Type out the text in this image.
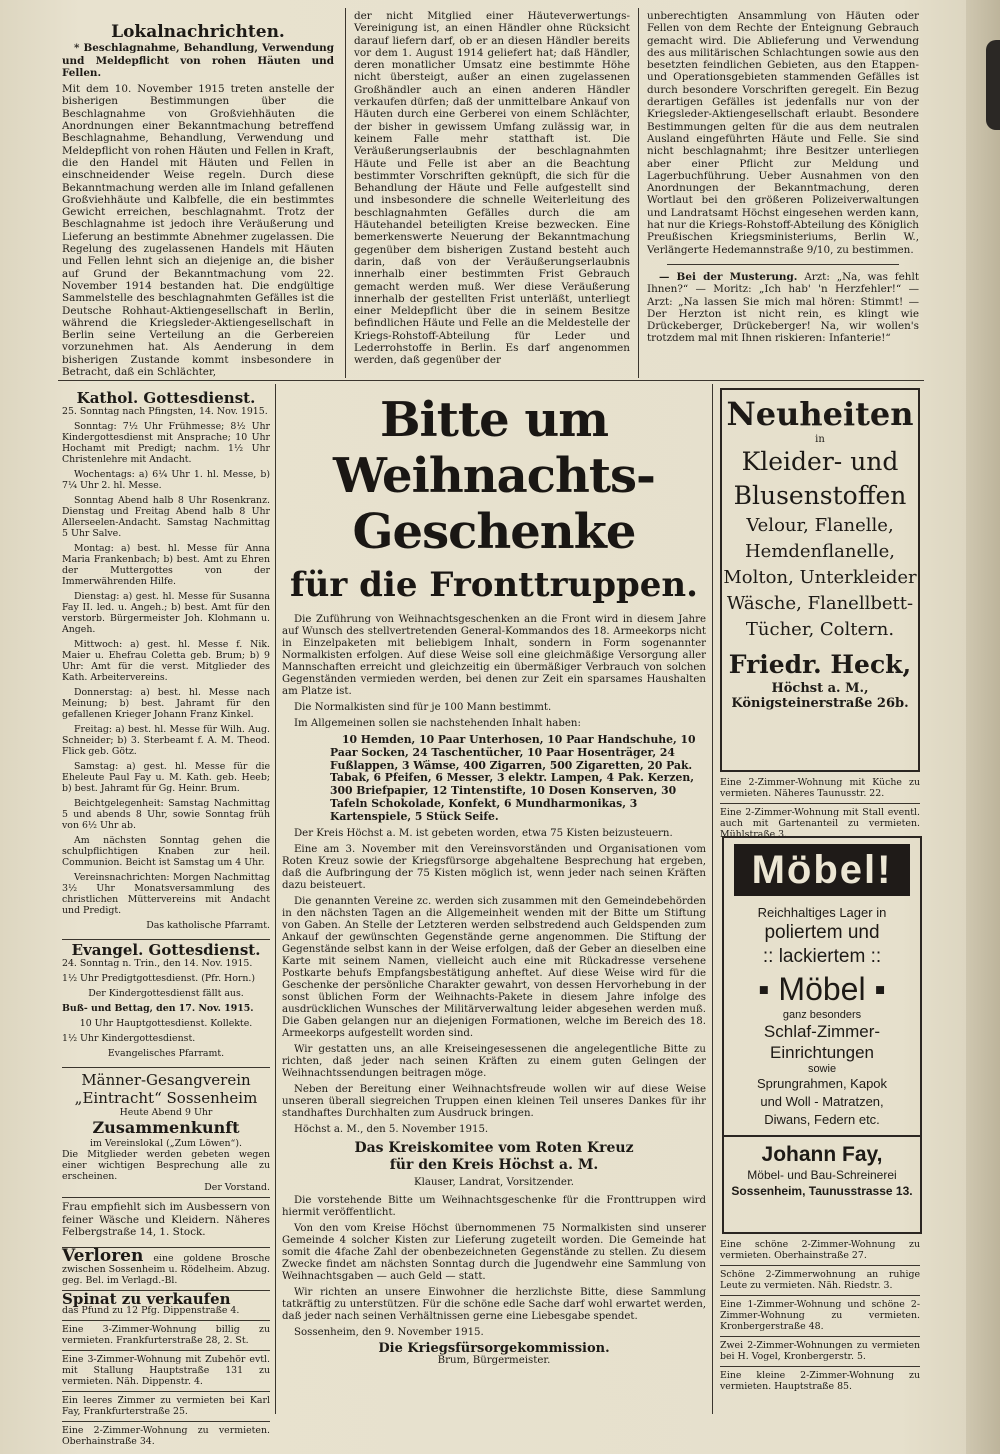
Lokalnachrichten.

* Beschlagnahme, Behandlung, Verwendung und Meldepflicht von rohen Häuten und Fellen.

Mit dem 10. November 1915 treten anstelle der bisherigen Bestimmungen über die Beschlagnahme von Großviehhäuten die Anordnungen einer Bekanntmachung betreffend Beschlagnahme, Behandlung, Verwendung und Meldepflicht von rohen Häuten und Fellen in Kraft, die den Handel mit Häuten und Fellen in einschneidender Weise regeln. Durch diese Bekanntmachung werden alle im Inland gefallenen Großviehhäute und Kalbfelle, die ein bestimmtes Gewicht erreichen, beschlagnahmt. Trotz der Beschlagnahme ist jedoch ihre Veräußerung und Lieferung an bestimmte Abnehmer zugelassen. Die Regelung des zugelassenen Handels mit Häuten und Fellen lehnt sich an diejenige an, die bisher auf Grund der Bekanntmachung vom 22. November 1914 bestanden hat. Die endgültige Sammelstelle des beschlagnahmten Gefälles ist die Deutsche Rohhaut-Aktiengesellschaft in Berlin, während die Kriegsleder-Aktiengesellschaft in Berlin seine Verteilung an die Gerbereien vorzunehmen hat. Als Aenderung in dem bisherigen Zustande kommt insbesondere in Betracht, daß ein Schlächter,

der nicht Mitglied einer Häuteverwertungs-Vereinigung ist, an einen Händler ohne Rücksicht darauf liefern darf, ob er an diesen Händler bereits vor dem 1. August 1914 geliefert hat; daß Händler, deren monatlicher Umsatz eine bestimmte Höhe nicht übersteigt, außer an einen zugelassenen Großhändler auch an einen anderen Händler verkaufen dürfen; daß der unmittelbare Ankauf von Häuten durch eine Gerberei von einem Schlächter, der bisher in gewissem Umfang zulässig war, in keinem Falle mehr statthaft ist. Die Veräußerungserlaubnis der beschlagnahmten Häute und Felle ist aber an die Beachtung bestimmter Vorschriften geknüpft, die sich für die Behandlung der Häute und Felle aufgestellt sind und insbesondere die schnelle Weiterleitung des beschlagnahmten Gefälles durch die am Häutehandel beteiligten Kreise bezwecken. Eine bemerkenswerte Neuerung der Bekanntmachung gegenüber dem bisherigen Zustand besteht auch darin, daß von der Veräußerungserlaubnis innerhalb einer bestimmten Frist Gebrauch gemacht werden muß. Wer diese Veräußerung innerhalb der gestellten Frist unterläßt, unterliegt einer Meldepflicht über die in seinem Besitze befindlichen Häute und Felle an die Meldestelle der Kriegs-Rohstoff-Abteilung für Leder und Lederrohstoffe in Berlin. Es darf angenommen werden, daß gegenüber der

unberechtigten Ansammlung von Häuten oder Fellen von dem Rechte der Enteignung Gebrauch gemacht wird. Die Ablieferung und Verwendung des aus militärischen Schlachtungen sowie aus den besetzten feindlichen Gebieten, aus den Etappen- und Operationsgebieten stammenden Gefälles ist durch besondere Vorschriften geregelt. Ein Bezug derartigen Gefälles ist jedenfalls nur von der Kriegsleder-Aktiengesellschaft erlaubt. Besondere Bestimmungen gelten für die aus dem neutralen Ausland eingeführten Häute und Felle. Sie sind nicht beschlagnahmt; ihre Besitzer unterliegen aber einer Pflicht zur Meldung und Lagerbuchführung. Ueber Ausnahmen von den Anordnungen der Bekanntmachung, deren Wortlaut bei den größeren Polizeiverwaltungen und Landratsamt Höchst eingesehen werden kann, hat nur die Kriegs-Rohstoff-Abteilung des Königlich Preußischen Kriegsministeriums, Berlin W., Verlängerte Hedemannstraße 9/10, zu bestimmen.

— Bei der Musterung. Arzt: „Na, was fehlt Ihnen?“ — Moritz: „Ich hab' 'n Herzfehler!“ — Arzt: „Na lassen Sie mich mal hören: Stimmt! — Der Herzton ist nicht rein, es klingt wie Drückeberger, Drückeberger! Na, wir wollen's trotzdem mal mit Ihnen riskieren: Infanterie!“

Kathol. Gottesdienst.

25. Sonntag nach Pfingsten, 14. Nov. 1915.

Sonntag: 7½ Uhr Frühmesse; 8½ Uhr Kindergottesdienst mit Ansprache; 10 Uhr Hochamt mit Predigt; nachm. 1½ Uhr Christenlehre mit Andacht.

Wochentags: a) 6¼ Uhr 1. hl. Messe, b) 7¼ Uhr 2. hl. Messe.

Sonntag Abend halb 8 Uhr Rosenkranz. Dienstag und Freitag Abend halb 8 Uhr Allerseelen-Andacht. Samstag Nachmittag 5 Uhr Salve.

Montag: a) best. hl. Messe für Anna Maria Frankenbach; b) best. Amt zu Ehren der Muttergottes von der Immerwährenden Hilfe.

Dienstag: a) gest. hl. Messe für Susanna Fay II. led. u. Angeh.; b) best. Amt für den verstorb. Bürgermeister Joh. Klohmann u. Angeh.

Mittwoch: a) gest. hl. Messe f. Nik. Maier u. Ehefrau Coletta geb. Brum; b) 9 Uhr: Amt für die verst. Mitglieder des Kath. Arbeitervereins.

Donnerstag: a) best. hl. Messe nach Meinung; b) best. Jahramt für den gefallenen Krieger Johann Franz Kinkel.

Freitag: a) best. hl. Messe für Wilh. Aug. Schneider; b) 3. Sterbeamt f. A. M. Theod. Flick geb. Götz.

Samstag: a) gest. hl. Messe für die Eheleute Paul Fay u. M. Kath. geb. Heeb; b) best. Jahramt für Gg. Heinr. Brum.

Beichtgelegenheit: Samstag Nachmittag 5 und abends 8 Uhr, sowie Sonntag früh von 6½ Uhr ab.

Am nächsten Sonntag gehen die schulpflichtigen Knaben zur heil. Communion. Beicht ist Samstag um 4 Uhr.

Vereinsnachrichten: Morgen Nachmittag 3½ Uhr Monatsversammlung des christlichen Müttervereins mit Andacht und Predigt.

Das katholische Pfarramt.

Evangel. Gottesdienst.

24. Sonntag n. Trin., den 14. Nov. 1915.

1½ Uhr Predigtgottesdienst. (Pfr. Horn.)

Der Kindergottesdienst fällt aus.

Buß- und Bettag, den 17. Nov. 1915.

10 Uhr Hauptgottesdienst. Kollekte.

1½ Uhr Kindergottesdienst.

Evangelisches Pfarramt.

Männer-Gesangverein
„Eintracht“ Sossenheim
Heute Abend 9 Uhr
Zusammenkunft
im Vereinslokal („Zum Löwen“).
Die Mitglieder werden gebeten wegen einer wichtigen Besprechung alle zu erscheinen.
Der Vorstand.

Frau empfiehlt sich im Ausbessern von feiner Wäsche und Kleidern. Näheres Felbergstraße 14, 1. Stock.

Verloren eine goldene Brosche zwischen Sossenheim u. Rödelheim. Abzug. geg. Bel. im Verlagd.-Bl.
Spinat zu verkaufen
das Pfund zu 12 Pfg. Dippenstraße 4.
Eine 3-Zimmer-Wohnung billig zu vermieten. Frankfurterstraße 28, 2. St.
Eine 3-Zimmer-Wohnung mit Zubehör evtl. mit Stallung Hauptstraße 131 zu vermieten. Näh. Dippenstr. 4.
Ein leeres Zimmer zu vermieten bei Karl Fay, Frankfurterstraße 25.
Eine 2-Zimmer-Wohnung zu vermieten. Oberhainstraße 34.
Bitte um Weihnachts-
Geschenke
für die Fronttruppen.

Die Zuführung von Weihnachtsgeschenken an die Front wird in diesem Jahre auf Wunsch des stellvertretenden General-Kommandos des 18. Armeekorps nicht in Einzelpaketen mit beliebigem Inhalt, sondern in Form sogenannter Normalkisten erfolgen. Auf diese Weise soll eine gleichmäßige Versorgung aller Mannschaften erreicht und gleichzeitig ein übermäßiger Verbrauch von solchen Gegenständen vermieden werden, bei denen zur Zeit ein sparsames Haushalten am Platze ist.

Die Normalkisten sind für je 100 Mann bestimmt.

Im Allgemeinen sollen sie nachstehenden Inhalt haben:

10 Hemden, 10 Paar Unterhosen, 10 Paar Handschuhe, 10 Paar Socken, 24 Taschentücher, 10 Paar Hosenträger, 24 Fußlappen, 3 Wämse, 400 Zigarren, 500 Zigaretten, 20 Pak. Tabak, 6 Pfeifen, 6 Messer, 3 elektr. Lampen, 4 Pak. Kerzen, 300 Briefpapier, 12 Tintenstifte, 10 Dosen Konserven, 30 Tafeln Schokolade, Konfekt, 6 Mundharmonikas, 3 Kartenspiele, 5 Stück Seife.

Der Kreis Höchst a. M. ist gebeten worden, etwa 75 Kisten beizusteuern.

Eine am 3. November mit den Vereinsvorständen und Organisationen vom Roten Kreuz sowie der Kriegsfürsorge abgehaltene Besprechung hat ergeben, daß die Aufbringung der 75 Kisten möglich ist, wenn jeder nach seinen Kräften dazu beisteuert.

Die genannten Vereine zc. werden sich zusammen mit den Gemeindebehörden in den nächsten Tagen an die Allgemeinheit wenden mit der Bitte um Stiftung von Gaben. An Stelle der Letzteren werden selbstredend auch Geldspenden zum Ankauf der gewünschten Gegenstände gerne angenommen. Die Stiftung der Gegenstände selbst kann in der Weise erfolgen, daß der Geber an dieselben eine Karte mit seinem Namen, vielleicht auch eine mit Rückadresse versehene Postkarte behufs Empfangsbestätigung anheftet. Auf diese Weise wird für die Geschenke der persönliche Charakter gewahrt, von dessen Hervorhebung in der sonst üblichen Form der Weihnachts-Pakete in diesem Jahre infolge des ausdrücklichen Wunsches der Militärverwaltung leider abgesehen werden muß. Die Gaben gelangen nur an diejenigen Formationen, welche im Bereich des 18. Armeekorps aufgestellt worden sind.

Wir gestatten uns, an alle Kreiseingesessenen die angelegentliche Bitte zu richten, daß jeder nach seinen Kräften zu einem guten Gelingen der Weihnachtssendungen beitragen möge.

Neben der Bereitung einer Weihnachtsfreude wollen wir auf diese Weise unseren überall siegreichen Truppen einen kleinen Teil unseres Dankes für ihr standhaftes Durchhalten zum Ausdruck bringen.

Höchst a. M., den 5. November 1915.

Das Kreiskomitee vom Roten Kreuz
für den Kreis Höchst a. M.
Klauser, Landrat, Vorsitzender.

Die vorstehende Bitte um Weihnachtsgeschenke für die Fronttruppen wird hiermit veröffentlicht.

Von den vom Kreise Höchst übernommenen 75 Normalkisten sind unserer Gemeinde 4 solcher Kisten zur Lieferung zugeteilt worden. Die Gemeinde hat somit die 4fache Zahl der obenbezeichneten Gegenstände zu stellen. Zu diesem Zwecke findet am nächsten Sonntag durch die Jugendwehr eine Sammlung von Weihnachtsgaben — auch Geld — statt.

Wir richten an unsere Einwohner die herzlichste Bitte, diese Sammlung tatkräftig zu unterstützen. Für die schöne edle Sache darf wohl erwartet werden, daß jeder nach seinen Verhältnissen gerne eine Liebesgabe spendet.

Sossenheim, den 9. November 1915.

Die Kriegsfürsorgekommission.
Brum, Bürgermeister.
Neuheiten
in
Kleider- und
Blusenstoffen
Velour, Flanelle,
Hemdenflanelle,
Molton, Unterkleider
Wäsche, Flanellbett-
Tücher, Coltern.
Friedr. Heck,
Höchst a. M., Königsteinerstraße 26b.
Eine 2-Zimmer-Wohnung mit Küche zu vermieten. Näheres Taunusstr. 22.
Eine 2-Zimmer-Wohnung mit Stall eventl. auch mit Gartenanteil zu vermieten. Mühlstraße 3.
Möbel!
Reichhaltiges Lager in
poliertem und
:: lackiertem ::
▪ Möbel ▪
ganz besonders
Schlaf-Zimmer-
Einrichtungen
sowie
Sprungrahmen, Kapok
und Woll - Matratzen,
Diwans, Federn etc.
Johann Fay,
Möbel- und Bau-Schreinerei
Sossenheim, Taunusstrasse 13.
Eine schöne 2-Zimmer-Wohnung zu vermieten. Oberhainstraße 27.
Schöne 2-Zimmerwohnung an ruhige Leute zu vermieten. Näh. Riedstr. 3.
Eine 1-Zimmer-Wohnung und schöne 2-Zimmer-Wohnung zu vermieten. Kronbergerstraße 48.
Zwei 2-Zimmer-Wohnungen zu vermieten bei H. Vogel, Kronbergerstr. 5.
Eine kleine 2-Zimmer-Wohnung zu vermieten. Hauptstraße 85.
